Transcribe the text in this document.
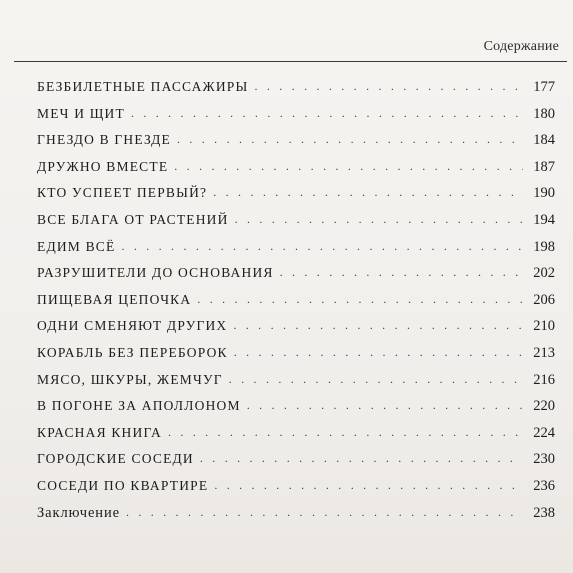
Содержание
БЕЗБИЛЕТНЫЕ ПАССАЖИРЫ . . .	177
МЕЧ И ЩИТ . . .	180
ГНЕЗДО В ГНЕЗДЕ . . .	184
ДРУЖНО ВМЕСТЕ . . .	187
КТО УСПЕЕТ ПЕРВЫЙ? . . .	190
ВСЕ БЛАГА ОТ РАСТЕНИЙ . . .	194
ЕДИМ ВСЁ . . .	198
РАЗРУШИТЕЛИ ДО ОСНОВАНИЯ . . .	202
ПИЩЕВАЯ ЦЕПОЧКА . . .	206
ОДНИ СМЕНЯЮТ ДРУГИХ . . .	210
КОРАБЛЬ БЕЗ ПЕРЕБОРОК . . .	213
МЯСО, ШКУРЫ, ЖЕМЧУГ . . .	216
В ПОГОНЕ ЗА АПОЛЛОНОМ . . .	220
КРАСНАЯ КНИГА . . .	224
ГОРОДСКИЕ СОСЕДИ . . .	230
СОСЕДИ ПО КВАРТИРЕ . . .	236
Заключение . . .	238
